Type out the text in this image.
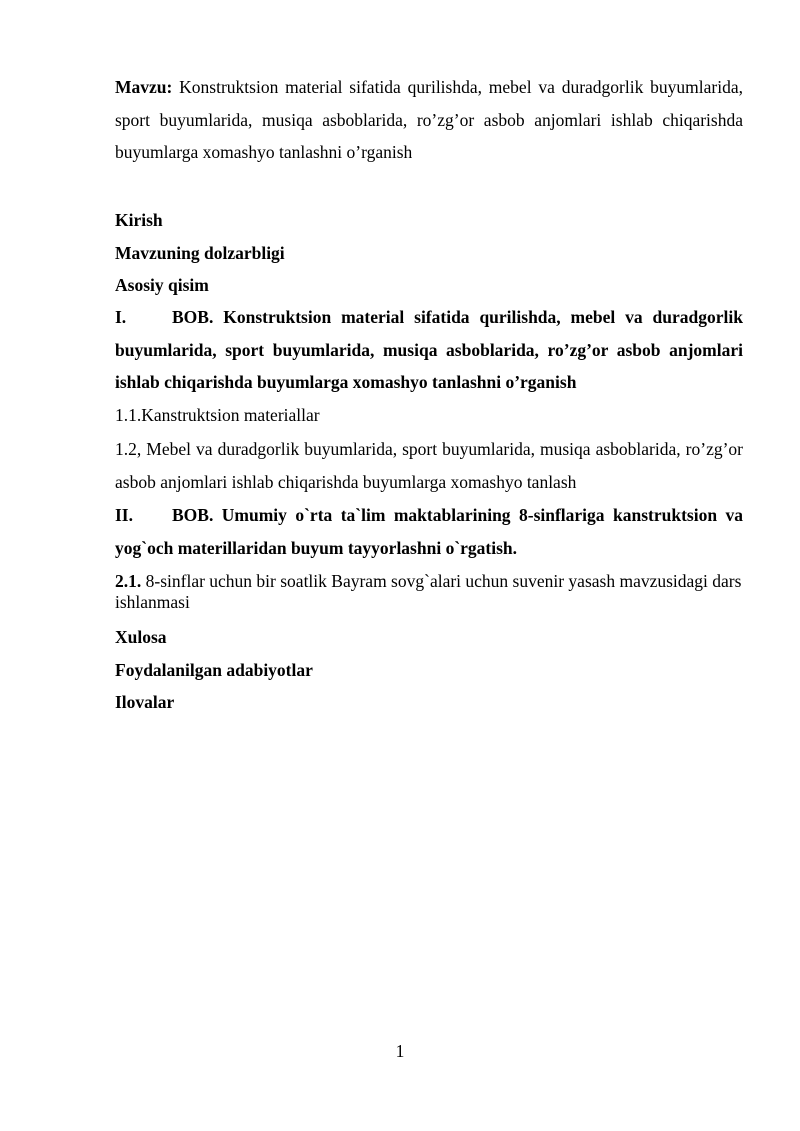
Mavzu: Konstruktsion material sifatida qurilishda, mebel va duradgorlik buyumlarida, sport buyumlarida, musiqa asboblarida, ro’zg’or asbob anjomlari ishlab chiqarishda buyumlarga xomashyo tanlashni o’rganish

Kirish

Mavzuning dolzarbligi

Asosiy qisim

I.	BOB. Konstruktsion material sifatida qurilishda, mebel va duradgorlik buyumlarida, sport buyumlarida, musiqa asboblarida, ro’zg’or asbob anjomlari ishlab chiqarishda buyumlarga xomashyo tanlashni o’rganish

1.1.Kanstruktsion materiallar

1.2, Mebel va duradgorlik buyumlarida, sport buyumlarida, musiqa asboblarida, ro’zg’or asbob anjomlari ishlab chiqarishda buyumlarga xomashyo tanlash

II. BOB. Umumiy o`rta ta`lim maktablarining 8-sinflariga kanstruktsion va yog`och materillaridan buyum tayyorlashni o`rgatish.

2.1. 8-sinflar uchun bir soatlik Bayram sovg`alari uchun suvenir yasash mavzusidagi dars ishlanmasi

Xulosa

Foydalanilgan adabiyotlar

Ilovalar

1
